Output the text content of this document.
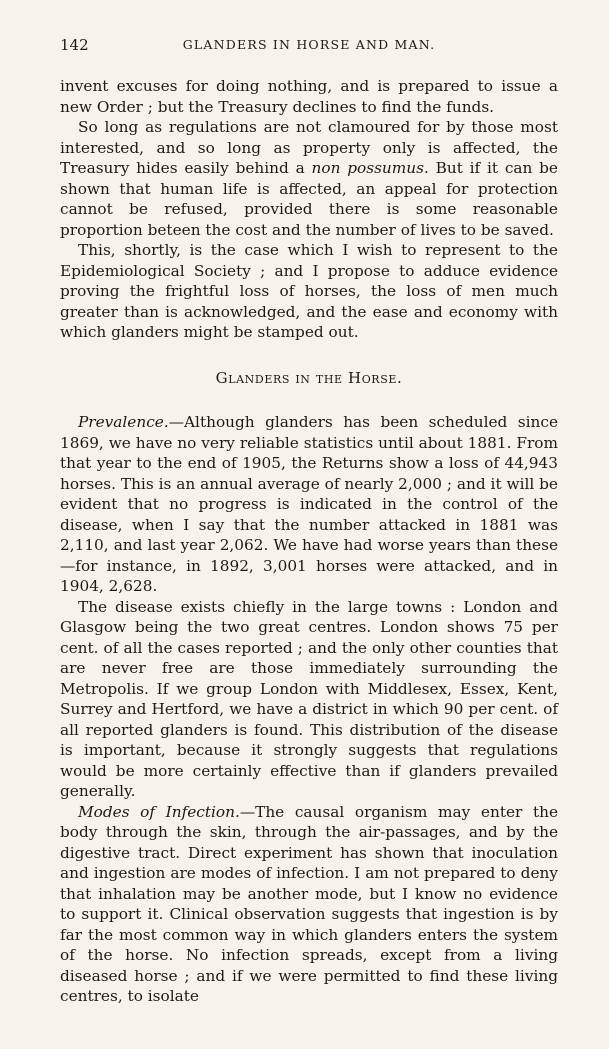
142	GLANDERS IN HORSE AND MAN.

invent excuses for doing nothing, and is prepared to issue a new Order ; but the Treasury declines to find the funds.

So long as regulations are not clamoured for by those most interested, and so long as property only is affected, the Treasury hides easily behind a non possumus. But if it can be shown that human life is affected, an appeal for protection cannot be refused, provided there is some reasonable proportion beteen the cost and the number of lives to be saved.

This, shortly, is the case which I wish to represent to the Epidemiological Society ; and I propose to adduce evidence proving the frightful loss of horses, the loss of men much greater than is acknowledged, and the ease and economy with which glanders might be stamped out.

Glanders in the Horse.

Prevalence.—Although glanders has been scheduled since 1869, we have no very reliable statistics until about 1881. From that year to the end of 1905, the Returns show a loss of 44,943 horses. This is an annual average of nearly 2,000 ; and it will be evident that no progress is indicated in the control of the disease, when I say that the number attacked in 1881 was 2,110, and last year 2,062. We have had worse years than these—for instance, in 1892, 3,001 horses were attacked, and in 1904, 2,628.

The disease exists chiefly in the large towns : London and Glasgow being the two great centres. London shows 75 per cent. of all the cases reported ; and the only other counties that are never free are those immediately surrounding the Metropolis. If we group London with Middlesex, Essex, Kent, Surrey and Hertford, we have a district in which 90 per cent. of all reported glanders is found. This distribution of the disease is important, because it strongly suggests that regulations would be more certainly effective than if glanders prevailed generally.

Modes of Infection.—The causal organism may enter the body through the skin, through the air-passages, and by the digestive tract. Direct experiment has shown that inoculation and ingestion are modes of infection. I am not prepared to deny that inhalation may be another mode, but I know no evidence to support it. Clinical observation suggests that ingestion is by far the most common way in which glanders enters the system of the horse. No infection spreads, except from a living diseased horse ; and if we were permitted to find these living centres, to isolate
